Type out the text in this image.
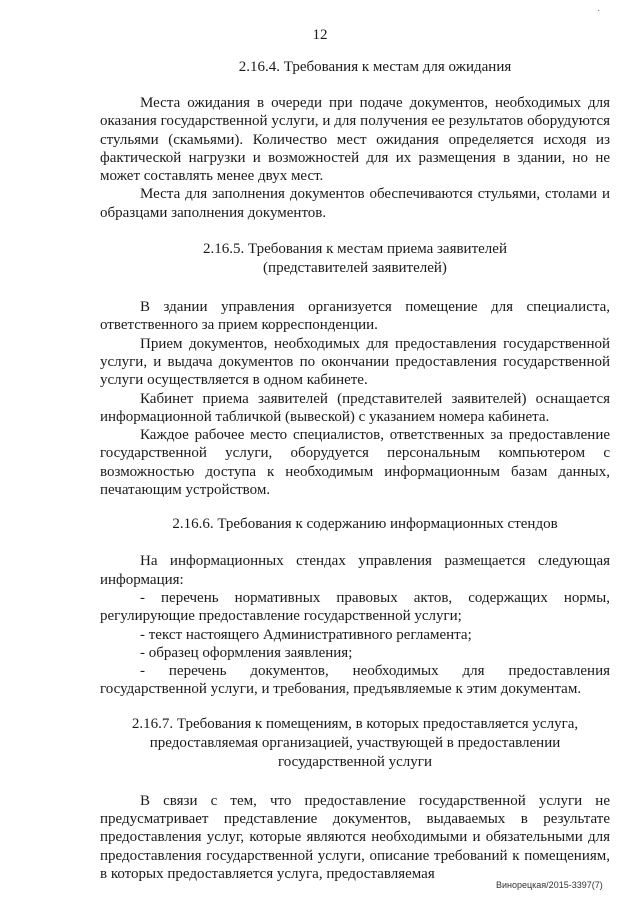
·
12
2.16.4. Требования к местам для ожидания

Места ожидания в очереди при подаче документов, необходимых для оказания государственной услуги, и для получения ее результатов оборудуются стульями (скамьями). Количество мест ожидания определяется исходя из фактической нагрузки и возможностей для их размещения в здании, но не может составлять менее двух мест.

Места для заполнения документов обеспечиваются стульями, столами и образцами заполнения документов.

2.16.5. Требования к местам приема заявителей
(представителей заявителей)

В здании управления организуется помещение для специалиста, ответственного за прием корреспонденции.

Прием документов, необходимых для предоставления государственной услуги, и выдача документов по окончании предоставления государственной услуги осуществляется в одном кабинете.

Кабинет приема заявителей (представителей заявителей) оснащается информационной табличкой (вывеской) с указанием номера кабинета.

Каждое рабочее место специалистов, ответственных за предоставление государственной услуги, оборудуется персональным компьютером с возможностью доступа к необходимым информационным базам данных, печатающим устройством.

2.16.6. Требования к содержанию информационных стендов

На информационных стендах управления размещается следующая информация:

- перечень нормативных правовых актов, содержащих нормы, регулирующие предоставление государственной услуги;

- текст настоящего Административного регламента;

- образец оформления заявления;

- перечень документов, необходимых для предоставления государственной услуги, и требования, предъявляемые к этим документам.

2.16.7. Требования к помещениям, в которых предоставляется услуга,
предоставляемая организацией, участвующей в предоставлении
государственной услуги

В связи с тем, что предоставление государственной услуги не предусматривает представление документов, выдаваемых в результате предоставления услуг, которые являются необходимыми и обязательными для предоставления государственной услуги, описание требований к помещениям, в которых предоставляется услуга, предоставляемая

Винорецкая/2015-3397(7)
